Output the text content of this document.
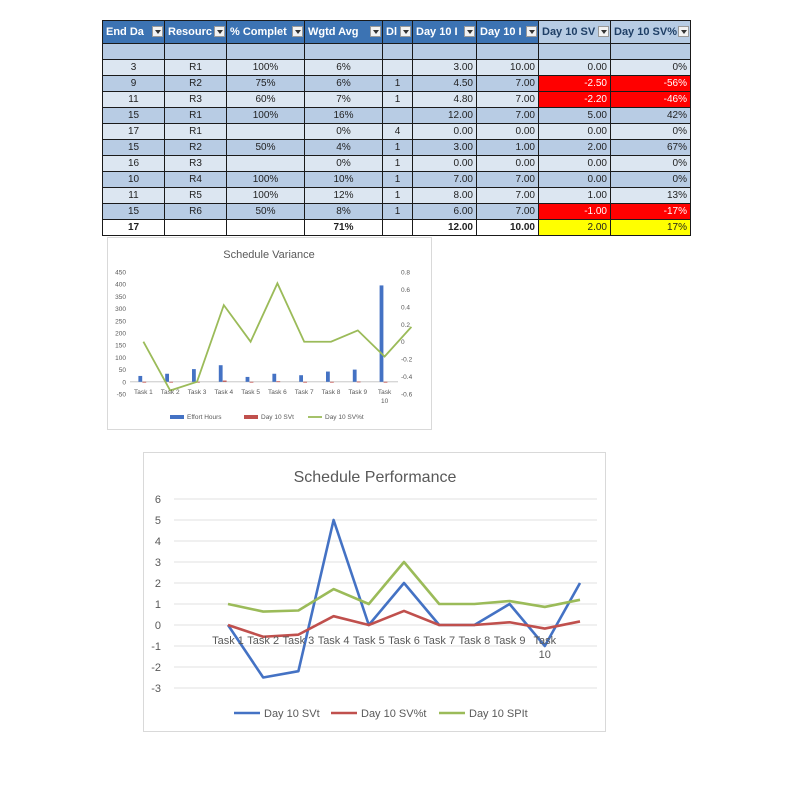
End Da	Resourc	% Complet	Wgtd Avg	Dl	Day 10 I	Day 10 I	Day 10 SV	Day 10 SV%

3	R1	100%	6%		3.00	10.00	0.00	0%
9	R2	75%	6%	1	4.50	7.00	-2.50	-56%
11	R3	60%	7%	1	4.80	7.00	-2.20	-46%
15	R1	100%	16%		12.00	7.00	5.00	42%
17	R1		0%	4	0.00	0.00	0.00	0%
15	R2	50%	4%	1	3.00	1.00	2.00	67%
16	R3		0%	1	0.00	0.00	0.00	0%
10	R4	100%	10%	1	7.00	7.00	0.00	0%
11	R5	100%	12%	1	8.00	7.00	1.00	13%
15	R6	50%	8%	1	6.00	7.00	-1.00	-17%
17			71%		12.00	10.00	2.00	17%
Schedule Variance
450
400
350
300
250
200
150
100
50
0
-50
0.8
0.6
0.4
0.2
0
-0.2
-0.4
-0.6
Task 1 Task 2 Task 3 Task 4 Task 5 Task 6 Task 7 Task 8 Task 9 Task
10
Effort Hours	Day 10 SVt	Day 10 SV%t
Schedule Performance
6
5
4
3
2
1
0
-1
-2
-3
Task 1 Task 2 Task 3 Task 4 Task 5 Task 6 Task 7 Task 8 Task 9 Task
10
Day 10 SVt	Day 10 SV%t	Day 10 SPIt
